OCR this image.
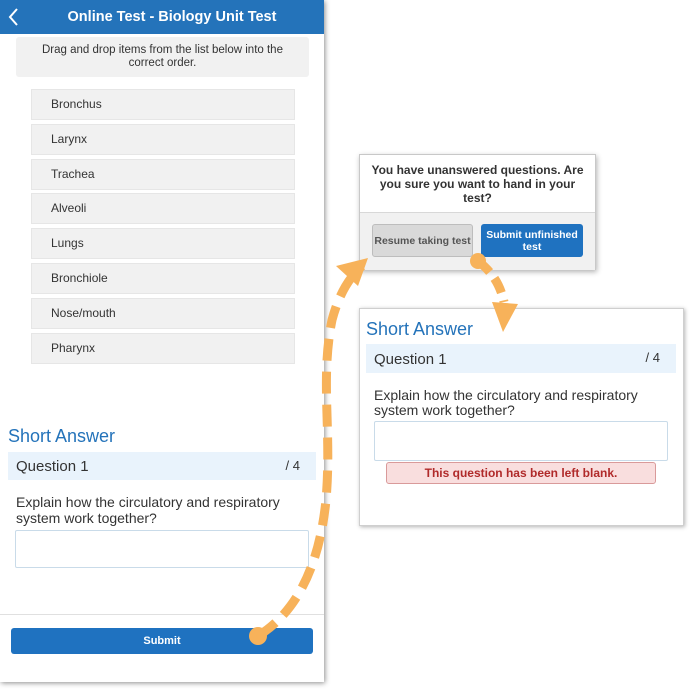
Online Test - Biology Unit Test
Drag and drop items from the list below into the correct order.
Bronchus
Larynx
Trachea
Alveoli
Lungs
Bronchiole
Nose/mouth
Pharynx
Short Answer
Question 1	/ 4
Explain how the circulatory and respiratory system work together?
Submit
You have unanswered questions. Are you sure you want to hand in your test?
Resume taking test	Submit unfinished test
Short Answer
Question 1	/ 4
Explain how the circulatory and respiratory system work together?
This question has been left blank.
